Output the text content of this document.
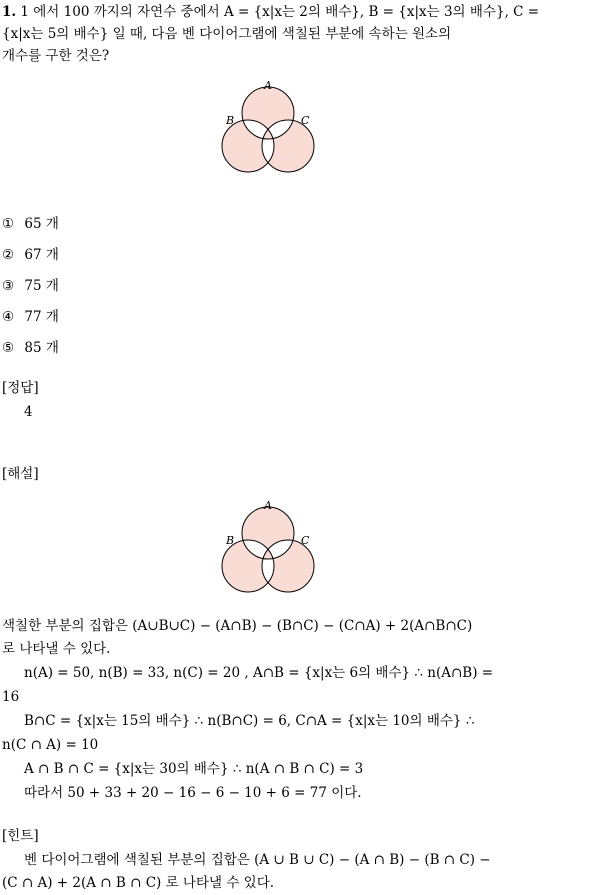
1. 1 에서 100 까지의 자연수 중에서 A = {x|x는 2의 배수}, B = {x|x는 3의 배수}, C =
{x|x는 5의 배수} 일 때, 다음 벤 다이어그램에 색칠된 부분에 속하는 원소의
개수를 구한 것은?
A
B	C
① 65 개
② 67 개
③ 75 개
④ 77 개
⑤ 85 개
[정답]
4
[해설]
A
B	C
색칠한 부분의 집합은 (A∪B∪C) − (A∩B) − (B∩C) − (C∩A) + 2(A∩B∩C)
로 나타낼 수 있다.
n(A) = 50, n(B) = 33, n(C) = 20 , A∩B = {x|x는 6의 배수} ∴ n(A∩B) =
16
B∩C = {x|x는 15의 배수} ∴ n(B∩C) = 6, C∩A = {x|x는 10의 배수} ∴
n(C ∩ A) = 10
A ∩ B ∩ C = {x|x는 30의 배수} ∴ n(A ∩ B ∩ C) = 3
따라서 50 + 33 + 20 − 16 − 6 − 10 + 6 = 77 이다.
[힌트]
벤 다이어그램에 색칠된 부분의 집합은 (A ∪ B ∪ C) − (A ∩ B) − (B ∩ C) −
(C ∩ A) + 2(A ∩ B ∩ C) 로 나타낼 수 있다.
